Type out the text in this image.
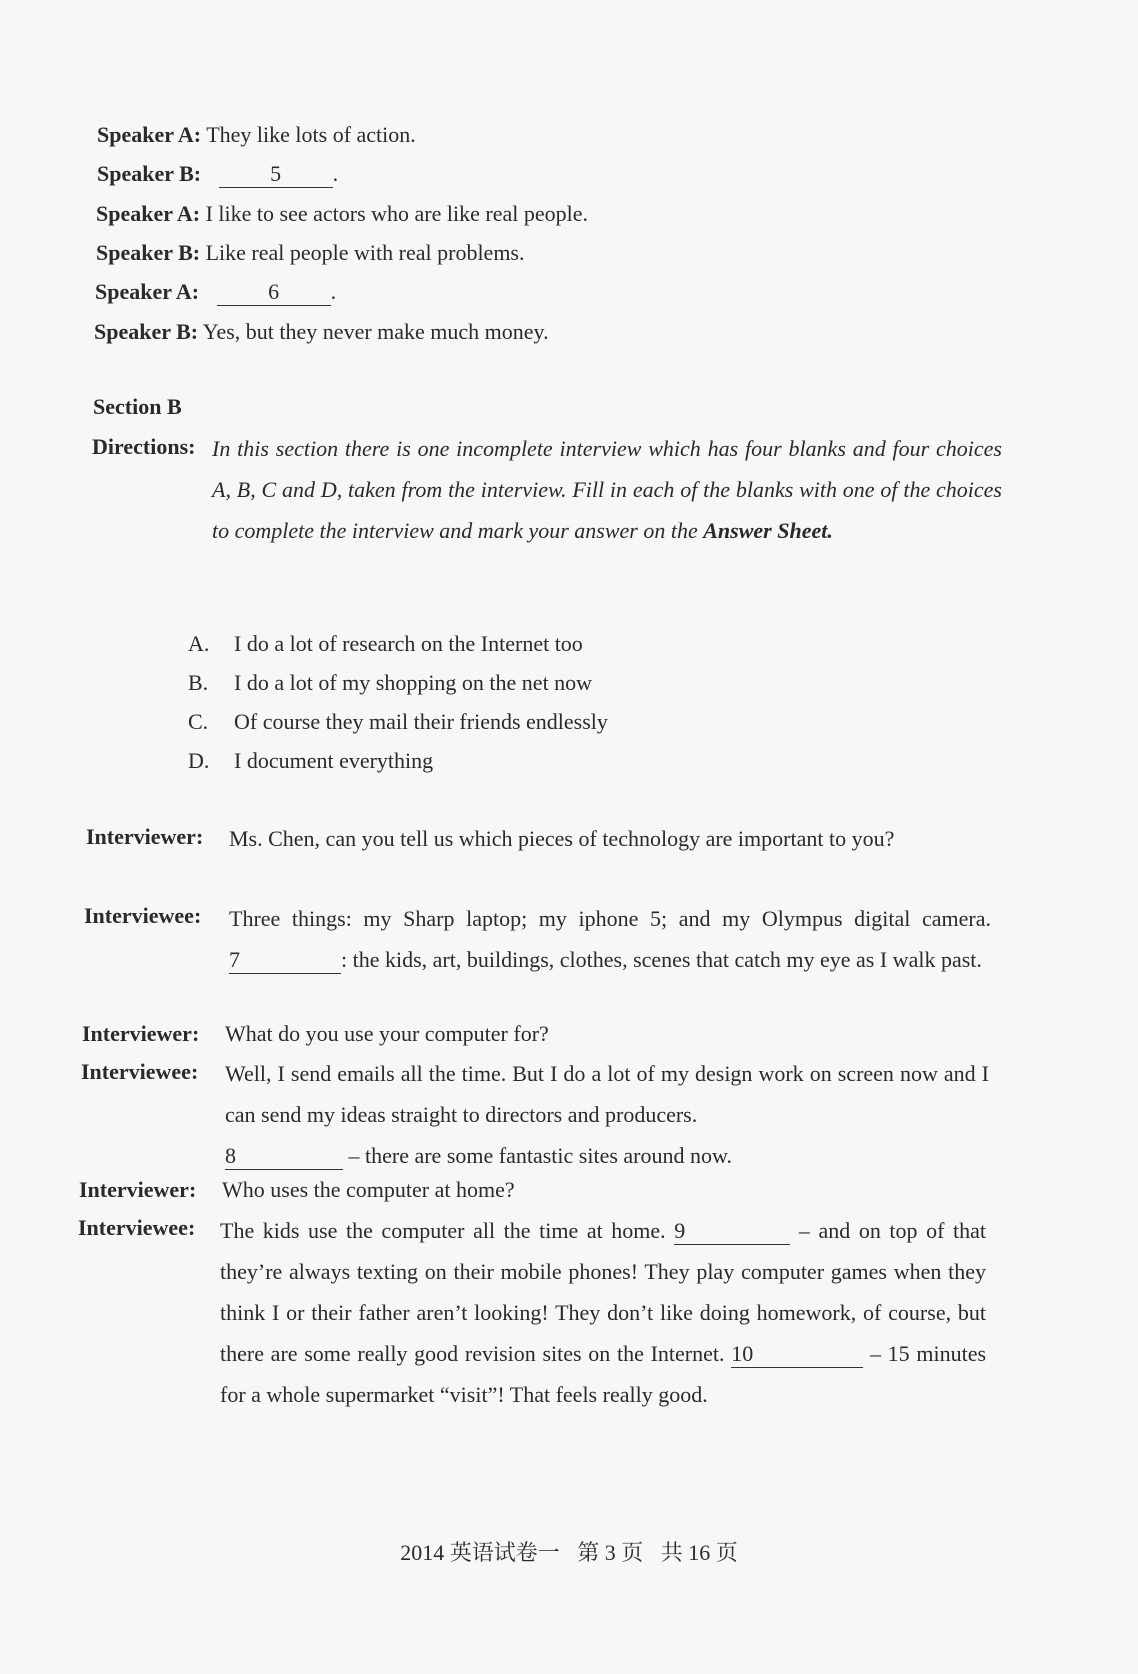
Speaker A: They like lots of action.
Speaker B:	5 .
Speaker A: I like to see actors who are like real people.
Speaker B: Like real people with real problems.
Speaker A:	6 .
Speaker B: Yes, but they never make much money.
Section B
Directions: In this section there is one incomplete interview which has four blanks and four choices A, B, C and D, taken from the interview. Fill in each of the blanks with one of the choices to complete the interview and mark your answer on the Answer Sheet.
A. I do a lot of research on the Internet too
B. I do a lot of my shopping on the net now
C. Of course they mail their friends endlessly
D. I document everything
Interviewer: Ms. Chen, can you tell us which pieces of technology are important to you?
Interviewee: Three things: my Sharp laptop; my iphone 5; and my Olympus digital camera. 7	: the kids, art, buildings, clothes, scenes that catch my eye as I walk past.
Interviewer: What do you use your computer for?
Interviewee: Well, I send emails all the time. But I do a lot of my design work on screen now and I can send my ideas straight to directors and producers.
8	– there are some fantastic sites around now.
Interviewer: Who uses the computer at home?
Interviewee: The kids use the computer all the time at home. 9	– and on top of that they’re always texting on their mobile phones! They play computer games when they think I or their father aren’t looking! They don’t like doing homework, of course, but there are some really good revision sites on the Internet. 10	– 15 minutes for a whole supermarket “visit”! That feels really good.
2014 英语试卷一 第 3 页 共 16 页
